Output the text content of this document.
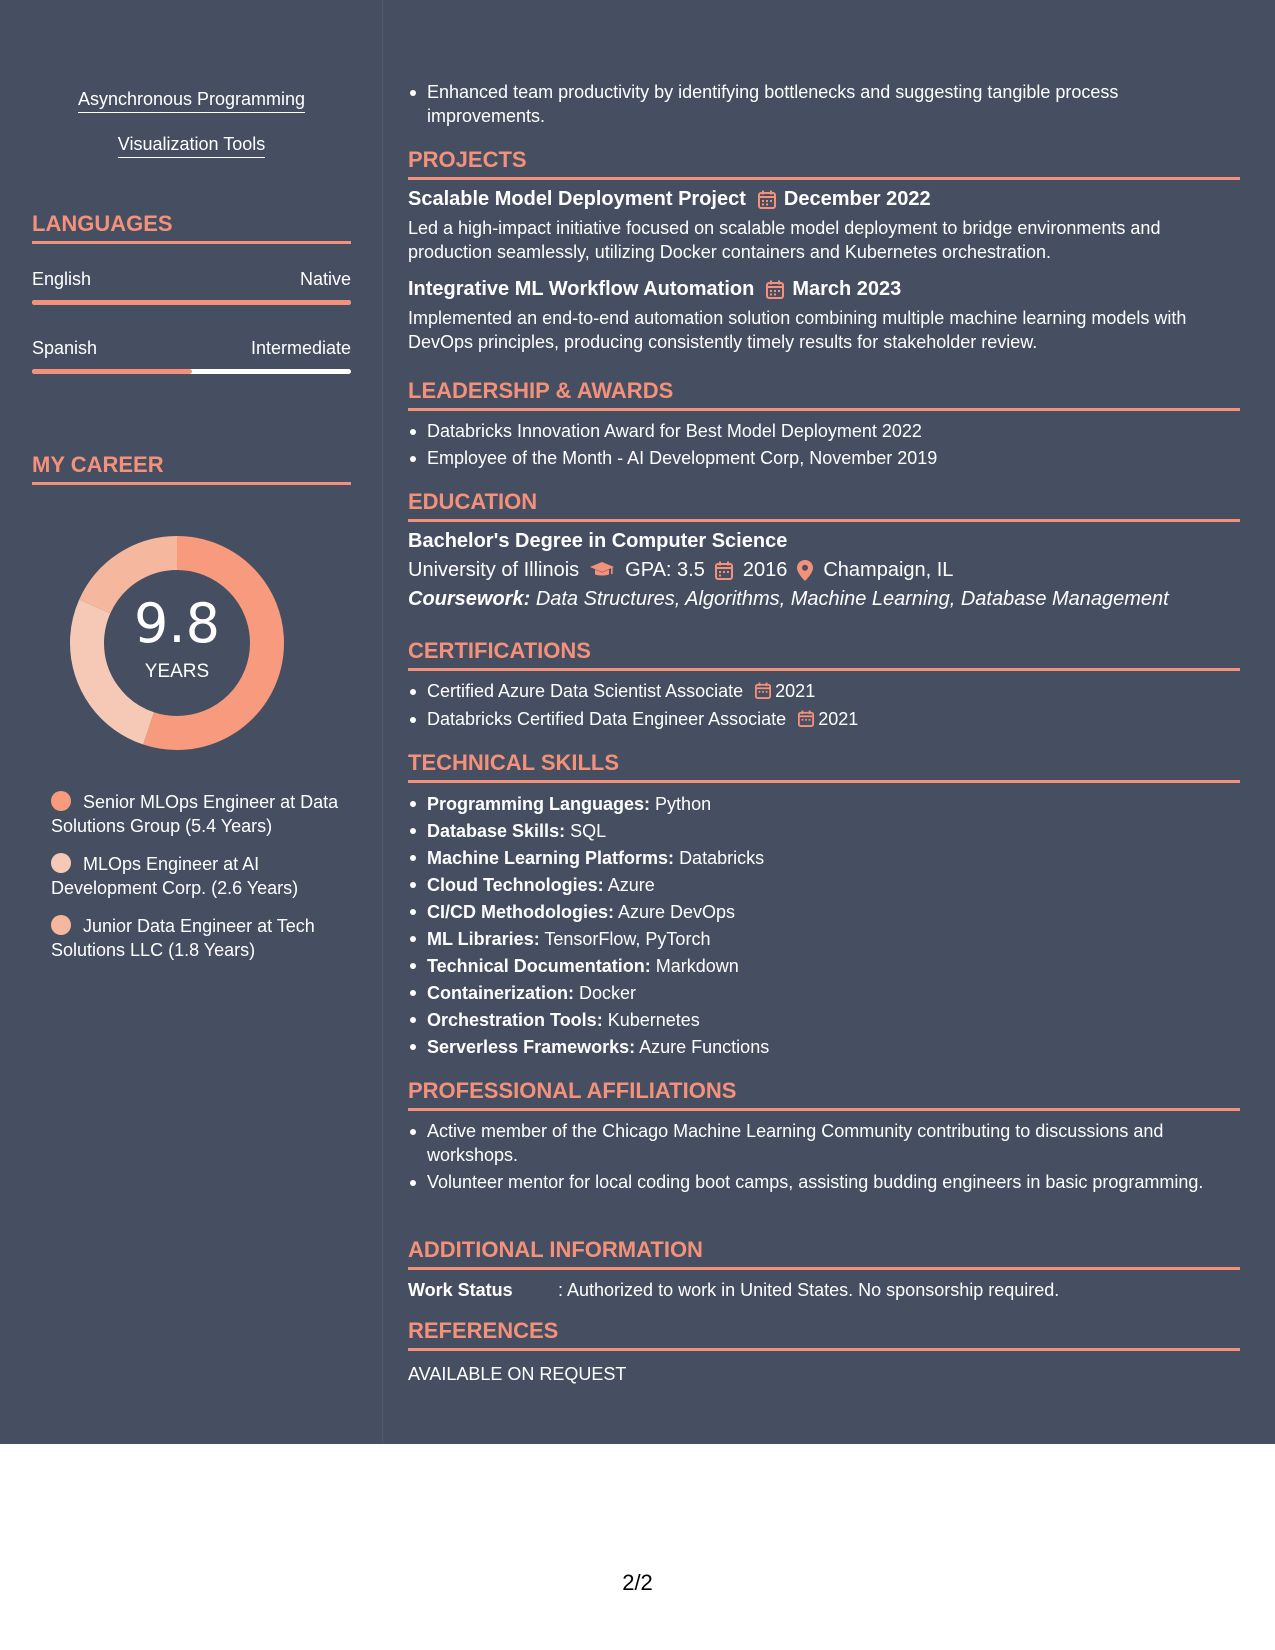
Asynchronous Programming
Visualization Tools
LANGUAGES
English	Native
Spanish	Intermediate
MY CAREER
9.8
YEARS
Senior MLOps Engineer at Data Solutions Group (5.4 Years)
MLOps Engineer at AI Development Corp. (2.6 Years)
Junior Data Engineer at Tech Solutions LLC (1.8 Years)
Enhanced team productivity by identifying bottlenecks and suggesting tangible process improvements.
PROJECTS
Scalable Model Deployment Project December 2022
Led a high-impact initiative focused on scalable model deployment to bridge environments and production seamlessly, utilizing Docker containers and Kubernetes orchestration.
Integrative ML Workflow Automation March 2023
Implemented an end-to-end automation solution combining multiple machine learning models with DevOps principles, producing consistently timely results for stakeholder review.
LEADERSHIP & AWARDS
Databricks Innovation Award for Best Model Deployment 2022
Employee of the Month - AI Development Corp, November 2019
EDUCATION
Bachelor's Degree in Computer Science
University of Illinois GPA: 3.5 2016 Champaign, IL
Coursework: Data Structures, Algorithms, Machine Learning, Database Management
CERTIFICATIONS
Certified Azure Data Scientist Associate 2021
Databricks Certified Data Engineer Associate 2021
TECHNICAL SKILLS
Programming Languages: Python
Database Skills: SQL
Machine Learning Platforms: Databricks
Cloud Technologies: Azure
CI/CD Methodologies: Azure DevOps
ML Libraries: TensorFlow, PyTorch
Technical Documentation: Markdown
Containerization: Docker
Orchestration Tools: Kubernetes
Serverless Frameworks: Azure Functions
PROFESSIONAL AFFILIATIONS
Active member of the Chicago Machine Learning Community contributing to discussions and workshops.
Volunteer mentor for local coding boot camps, assisting budding engineers in basic programming.
ADDITIONAL INFORMATION
Work Status	: Authorized to work in United States. No sponsorship required.
REFERENCES
AVAILABLE ON REQUEST
2/2
